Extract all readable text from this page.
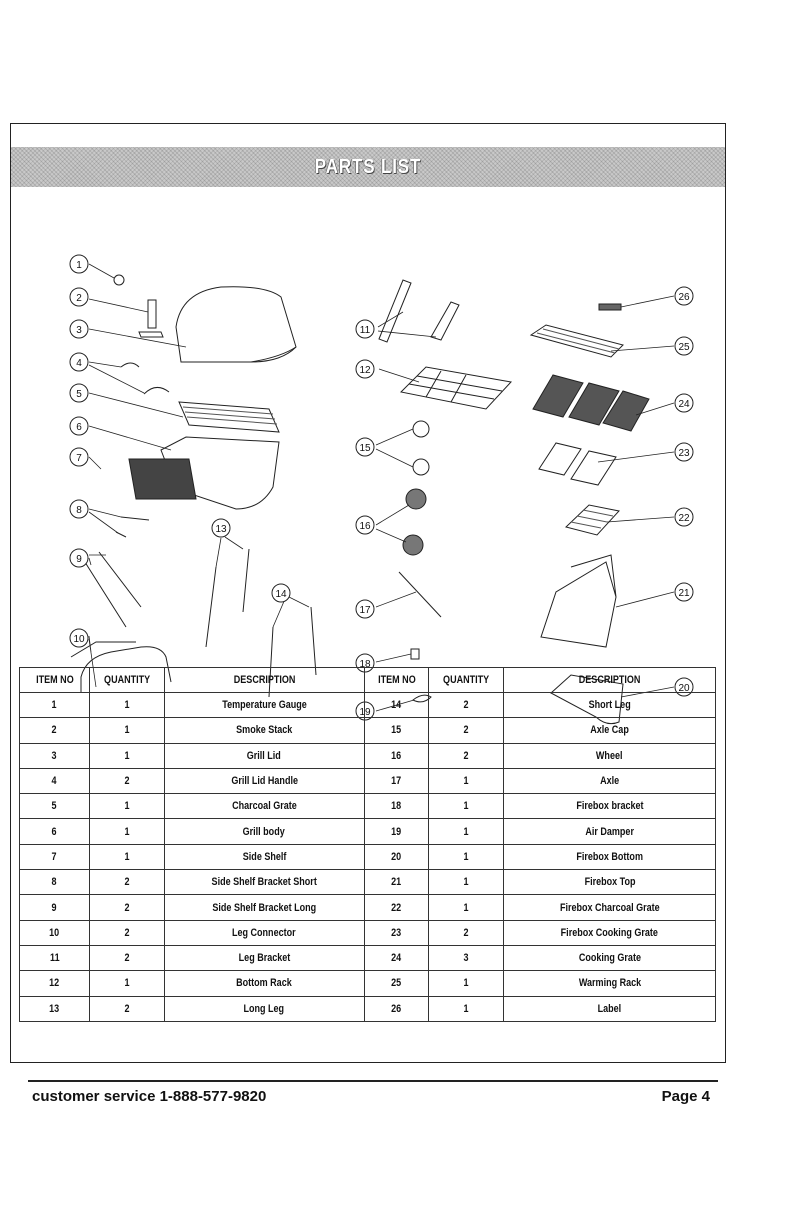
PARTS LIST
1
2
3
4
5
6
7
8
9
10
11
12
13
14
15
16
17
18
19
20
21
22
23
24
25
26
ITEM NO	QUANTITY	DESCRIPTION	ITEM NO	QUANTITY	DESCRIPTION
1	1	Temperature Gauge	14	2	Short Leg
2	1	Smoke Stack	15	2	Axle Cap
3	1	Grill Lid	16	2	Wheel
4	2	Grill Lid Handle	17	1	Axle
5	1	Charcoal Grate	18	1	Firebox bracket
6	1	Grill body	19	1	Air Damper
7	1	Side Shelf	20	1	Firebox Bottom
8	2	Side Shelf Bracket Short	21	1	Firebox Top
9	2	Side Shelf Bracket Long	22	1	Firebox Charcoal Grate
10	2	Leg Connector	23	2	Firebox Cooking Grate
11	2	Leg Bracket	24	3	Cooking Grate
12	1	Bottom Rack	25	1	Warming Rack
13	2	Long Leg	26	1	Label
customer service 1-888-577-9820	Page 4
